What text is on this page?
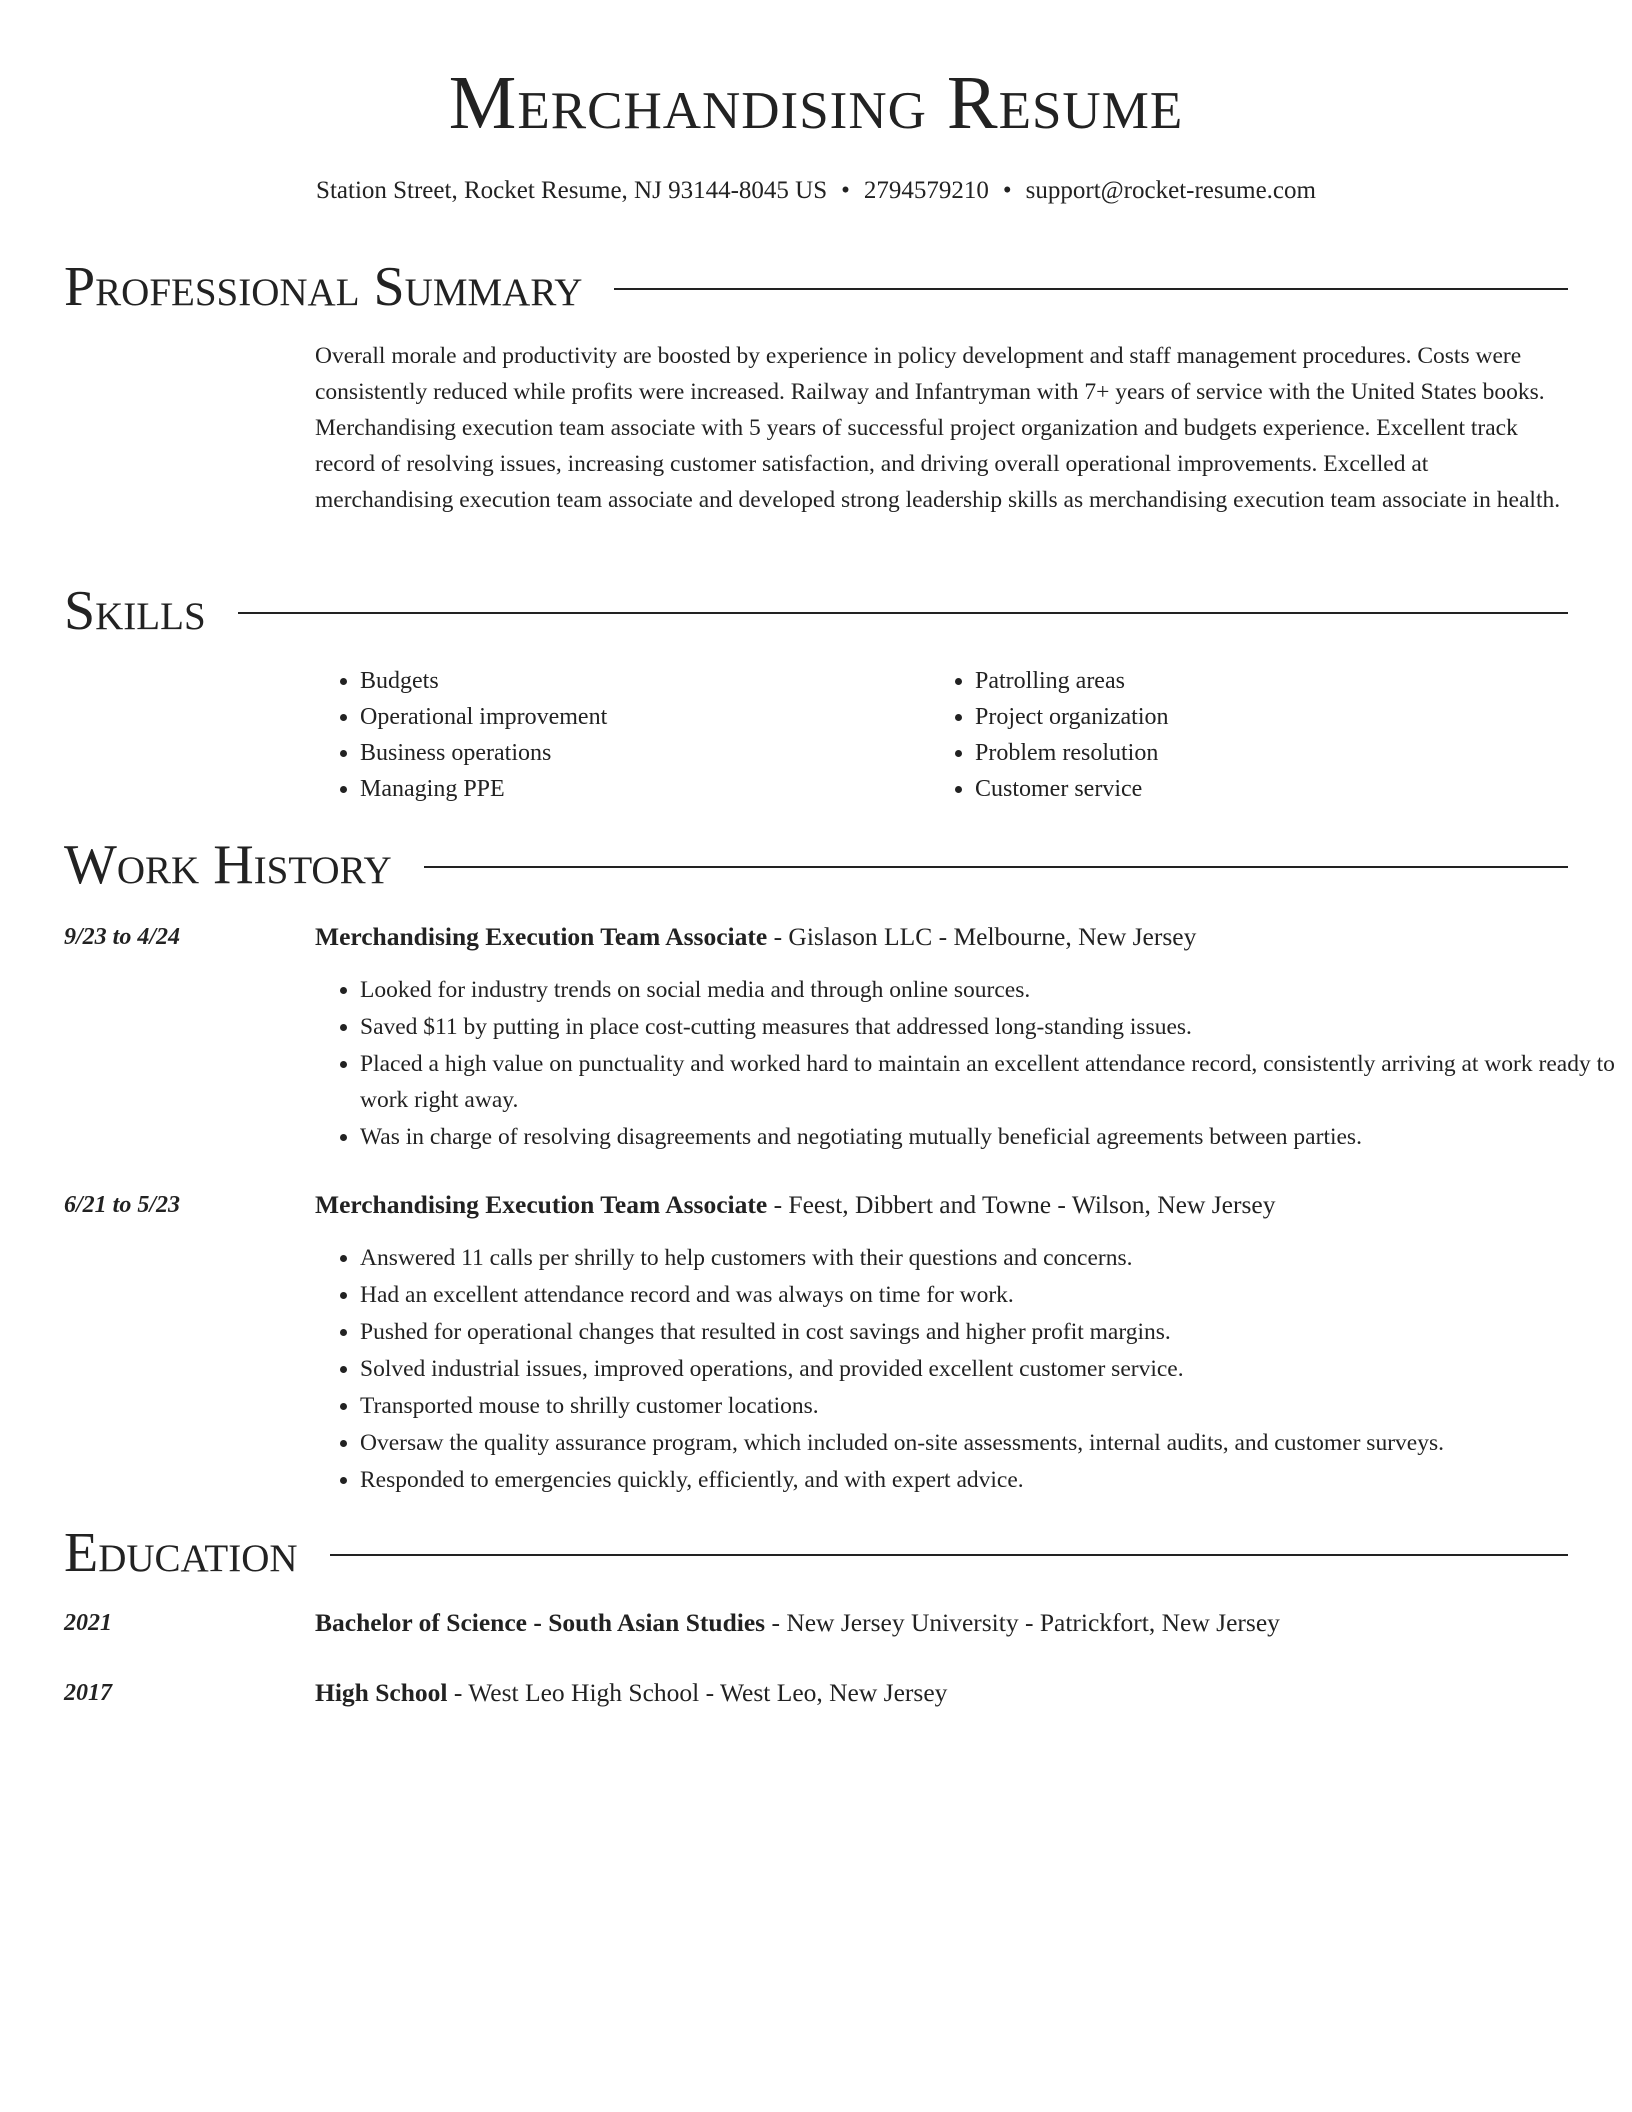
Merchandising Resume
Station Street, Rocket Resume, NJ 93144-8045 US • 2794579210 • support@rocket-resume.com
Professional Summary

Overall morale and productivity are boosted by experience in policy development and staff management procedures. Costs were consistently reduced while profits were increased. Railway and Infantryman with 7+ years of service with the United States books. Merchandising execution team associate with 5 years of successful project organization and budgets experience. Excellent track record of resolving issues, increasing customer satisfaction, and driving overall operational improvements. Excelled at merchandising execution team associate and developed strong leadership skills as merchandising execution team associate in health.

Skills
• Budgets
• Operational improvement
• Business operations
• Managing PPE
• Patrolling areas
• Project organization
• Problem resolution
• Customer service
Work History
9/23 to 4/24	Merchandising Execution Team Associate - Gislason LLC - Melbourne, New Jersey
• Looked for industry trends on social media and through online sources.
• Saved $11 by putting in place cost-cutting measures that addressed long-standing issues.
• Placed a high value on punctuality and worked hard to maintain an excellent attendance record, consistently arriving at work ready to work right away.
• Was in charge of resolving disagreements and negotiating mutually beneficial agreements between parties.
6/21 to 5/23	Merchandising Execution Team Associate - Feest, Dibbert and Towne - Wilson, New Jersey
• Answered 11 calls per shrilly to help customers with their questions and concerns.
• Had an excellent attendance record and was always on time for work.
• Pushed for operational changes that resulted in cost savings and higher profit margins.
• Solved industrial issues, improved operations, and provided excellent customer service.
• Transported mouse to shrilly customer locations.
• Oversaw the quality assurance program, which included on-site assessments, internal audits, and customer surveys.
• Responded to emergencies quickly, efficiently, and with expert advice.
Education
2021	Bachelor of Science - South Asian Studies - New Jersey University - Patrickfort, New Jersey
2017	High School - West Leo High School - West Leo, New Jersey
